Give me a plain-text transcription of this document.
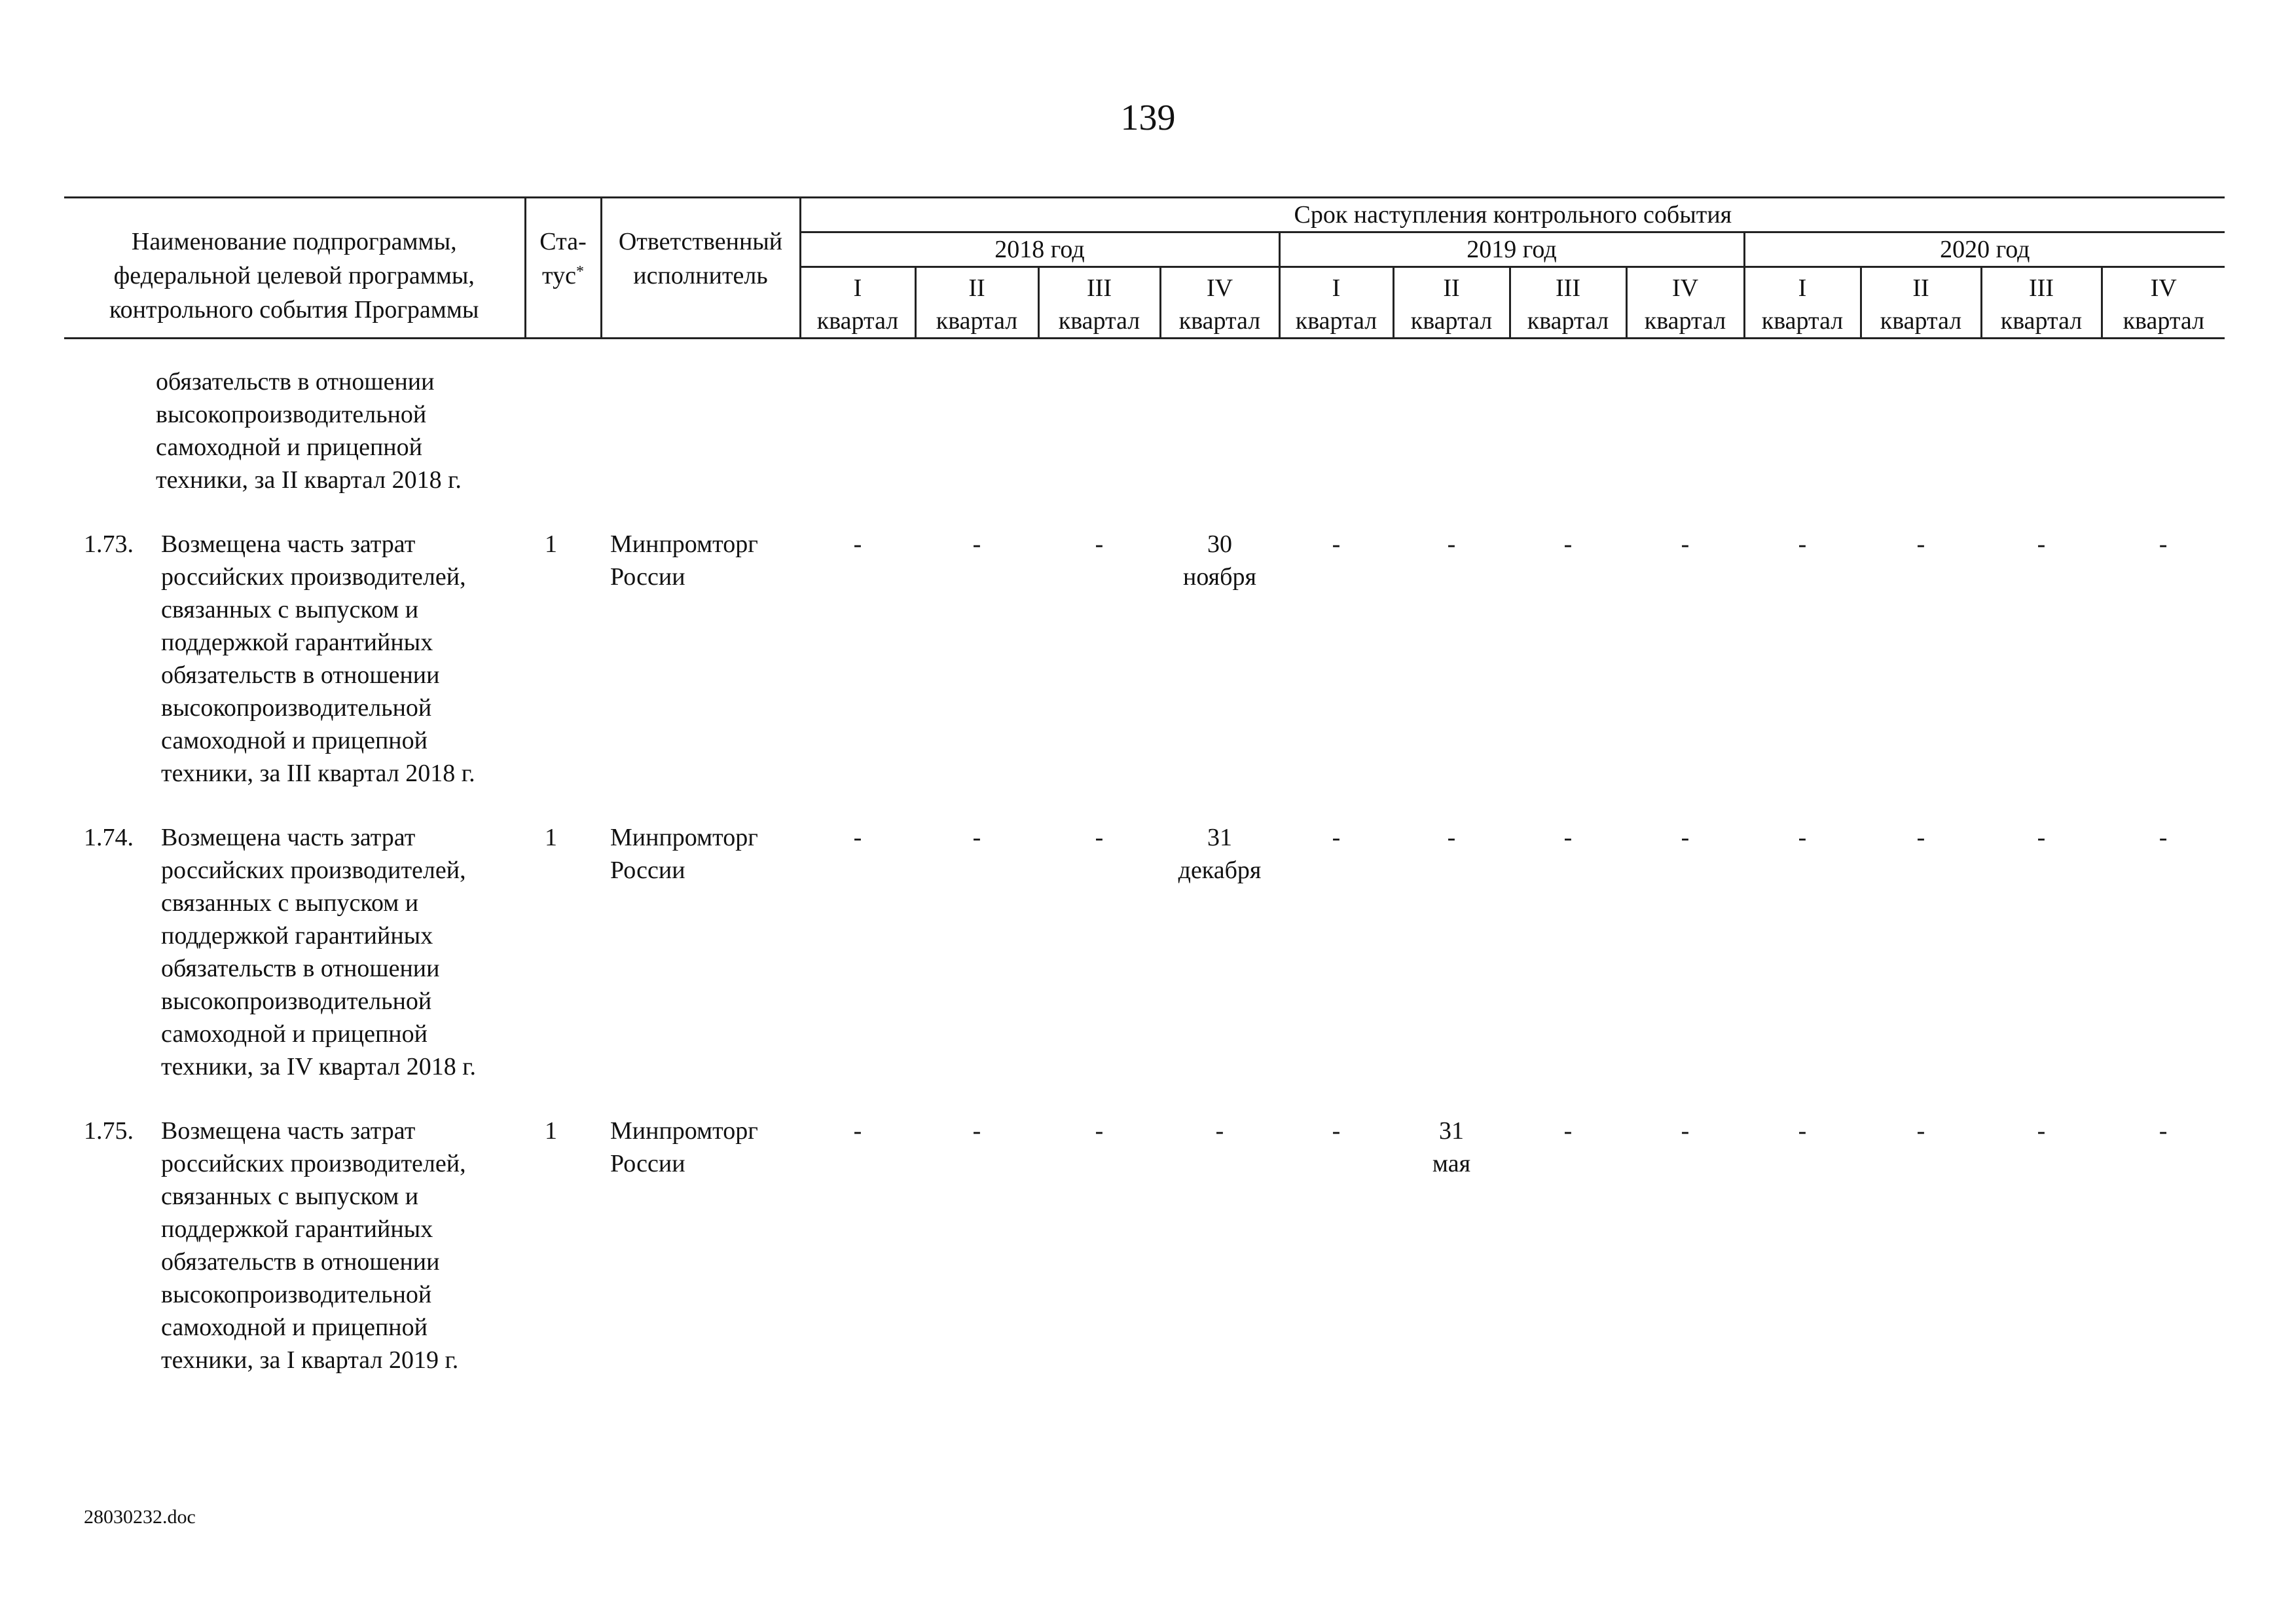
139
Наименование подпрограммы, федеральной целевой программы, контрольного события Программы	Ста-
тус*	Ответственный исполнитель	Срок наступления контрольного события											
			2018 год				2019 год				2020 год			
			I
квартал	II
квартал	III
квартал	IV
квартал	I
квартал	II
квартал	III
квартал	IV
квартал	I
квартал	II
квартал	III
квартал	IV
квартал

обязательств в отношении высокопроизводительной самоходной и прицепной техники, за II квартал 2018 г.														

1.73. Возмещена часть затрат российских производителей, связанных с выпуском и поддержкой гарантийных обязательств в отношении высокопроизводительной самоходной и прицепной техники, за III квартал 2018 г.	1	Минпромторг
России	-	-	-	30
ноября	-	-	-	-	-	-	-	-

1.74. Возмещена часть затрат российских производителей, связанных с выпуском и поддержкой гарантийных обязательств в отношении высокопроизводительной самоходной и прицепной техники, за IV квартал 2018 г.	1	Минпромторг
России	-	-	-	31
декабря	-	-	-	-	-	-	-	-

1.75. Возмещена часть затрат российских производителей, связанных с выпуском и поддержкой гарантийных обязательств в отношении высокопроизводительной самоходной и прицепной техники, за I квартал 2019 г.	1	Минпромторг
России	-	-	-	-	-	31
мая	-	-	-	-	-	-
28030232.doc
